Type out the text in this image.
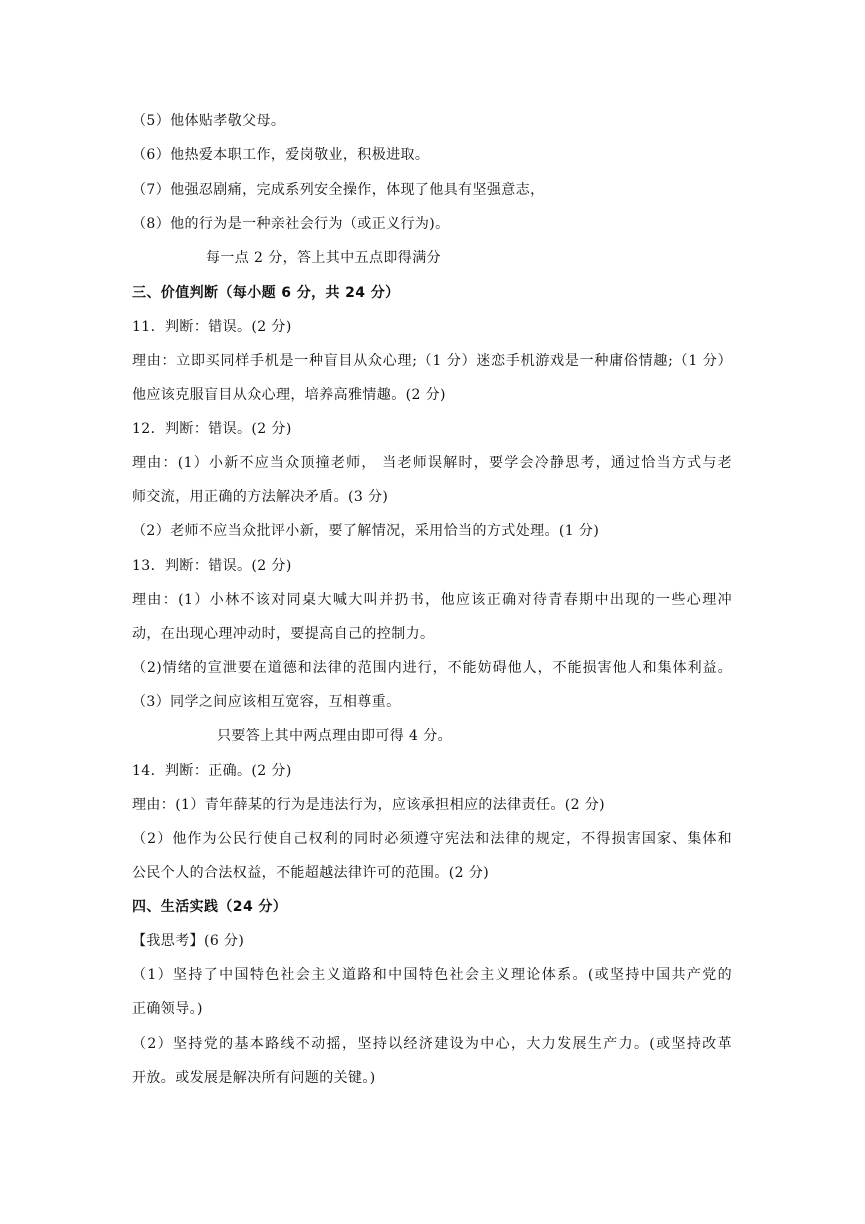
（5）他体贴孝敬父母。
（6）他热爱本职工作，爱岗敬业，积极进取。
（7）他强忍剧痛，完成系列安全操作，体现了他具有坚强意志，
（8）他的行为是一种亲社会行为（或正义行为)。
每一点 2 分，答上其中五点即得满分
三、价值判断（每小题 6 分，共 24 分）
11．判断：错误。(2 分)
理由：立即买同样手机是一种盲目从众心理;（1 分）迷恋手机游戏是一种庸俗情趣;（1 分）
他应该克服盲目从众心理，培养高雅情趣。(2 分)
12．判断：错误。(2 分)
理由：(1）小新不应当众顶撞老师， 当老师误解时，要学会冷静思考，通过恰当方式与老
师交流，用正确的方法解决矛盾。(3 分)
（2）老师不应当众批评小新，要了解情况，采用恰当的方式处理。(1 分)
13．判断：错误。(2 分)
理由：(1）小林不该对同桌大喊大叫并扔书，他应该正确对待青春期中出现的一些心理冲
动，在出现心理冲动时，要提高自己的控制力。
（2)情绪的宣泄要在道德和法律的范围内进行，不能妨碍他人，不能损害他人和集体利益。
（3）同学之间应该相互宽容，互相尊重。
只要答上其中两点理由即可得 4 分。
14．判断：正确。(2 分)
理由：(1）青年薛某的行为是违法行为，应该承担相应的法律责任。(2 分)
（2）他作为公民行使自己权利的同时必须遵守宪法和法律的规定，不得损害国家、集体和
公民个人的合法权益，不能超越法律许可的范围。(2 分)
四、生活实践（24 分）
【我思考】(6 分)
（1）坚持了中国特色社会主义道路和中国特色社会主义理论体系。(或坚持中国共产党的
正确领导。)
（2）坚持党的基本路线不动摇，坚持以经济建设为中心，大力发展生产力。(或坚持改革
开放。或发展是解决所有问题的关键。)
